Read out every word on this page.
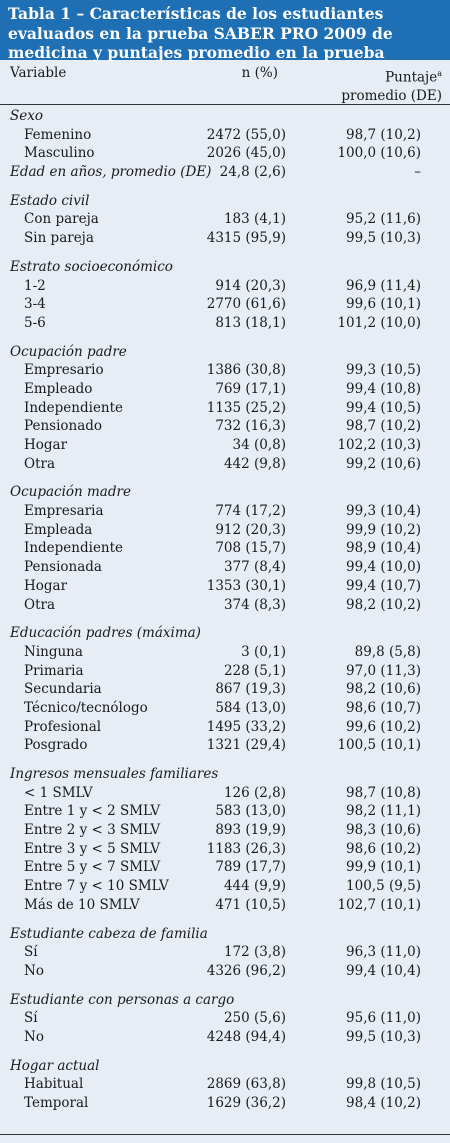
Tabla 1 – Características de los estudiantes evaluados en la prueba SABER PRO 2009 de medicina y puntajes promedio en la prueba
Variable	n (%)	Puntaje$^a$
promedio (DE)
Sexo
Femenino	2472 (55,0)	98,7 (10,2)
Masculino	2026 (45,0)	100,0 (10,6)
Edad en años, promedio (DE) 24,8 (2,6)	–
Estado civil
Con pareja	183 (4,1)	95,2 (11,6)
Sin pareja	4315 (95,9)	99,5 (10,3)
Estrato socioeconómico
1-2	914 (20,3)	96,9 (11,4)
3-4	2770 (61,6)	99,6 (10,1)
5-6	813 (18,1)	101,2 (10,0)
Ocupación padre
Empresario	1386 (30,8)	99,3 (10,5)
Empleado	769 (17,1)	99,4 (10,8)
Independiente	1135 (25,2)	99,4 (10,5)
Pensionado	732 (16,3)	98,7 (10,2)
Hogar	34 (0,8)	102,2 (10,3)
Otra	442 (9,8)	99,2 (10,6)
Ocupación madre
Empresaria	774 (17,2)	99,3 (10,4)
Empleada	912 (20,3)	99,9 (10,2)
Independiente	708 (15,7)	98,9 (10,4)
Pensionada	377 (8,4)	99,4 (10,0)
Hogar	1353 (30,1)	99,4 (10,7)
Otra	374 (8,3)	98,2 (10,2)
Educación padres (máxima)
Ninguna	3 (0,1)	89,8 (5,8)
Primaria	228 (5,1)	97,0 (11,3)
Secundaria	867 (19,3)	98,2 (10,6)
Técnico/tecnólogo	584 (13,0)	98,6 (10,7)
Profesional	1495 (33,2)	99,6 (10,2)
Posgrado	1321 (29,4)	100,5 (10,1)
Ingresos mensuales familiares
< 1 SMLV	126 (2,8)	98,7 (10,8)
Entre 1 y < 2 SMLV	583 (13,0)	98,2 (11,1)
Entre 2 y < 3 SMLV	893 (19,9)	98,3 (10,6)
Entre 3 y < 5 SMLV	1183 (26,3)	98,6 (10,2)
Entre 5 y < 7 SMLV	789 (17,7)	99,9 (10,1)
Entre 7 y < 10 SMLV	444 (9,9)	100,5 (9,5)
Más de 10 SMLV	471 (10,5)	102,7 (10,1)
Estudiante cabeza de familia
Sí	172 (3,8)	96,3 (11,0)
No	4326 (96,2)	99,4 (10,4)
Estudiante con personas a cargo
Sí	250 (5,6)	95,6 (11,0)
No	4248 (94,4)	99,5 (10,3)
Hogar actual
Habitual	2869 (63,8)	99,8 (10,5)
Temporal	1629 (36,2)	98,4 (10,2)
